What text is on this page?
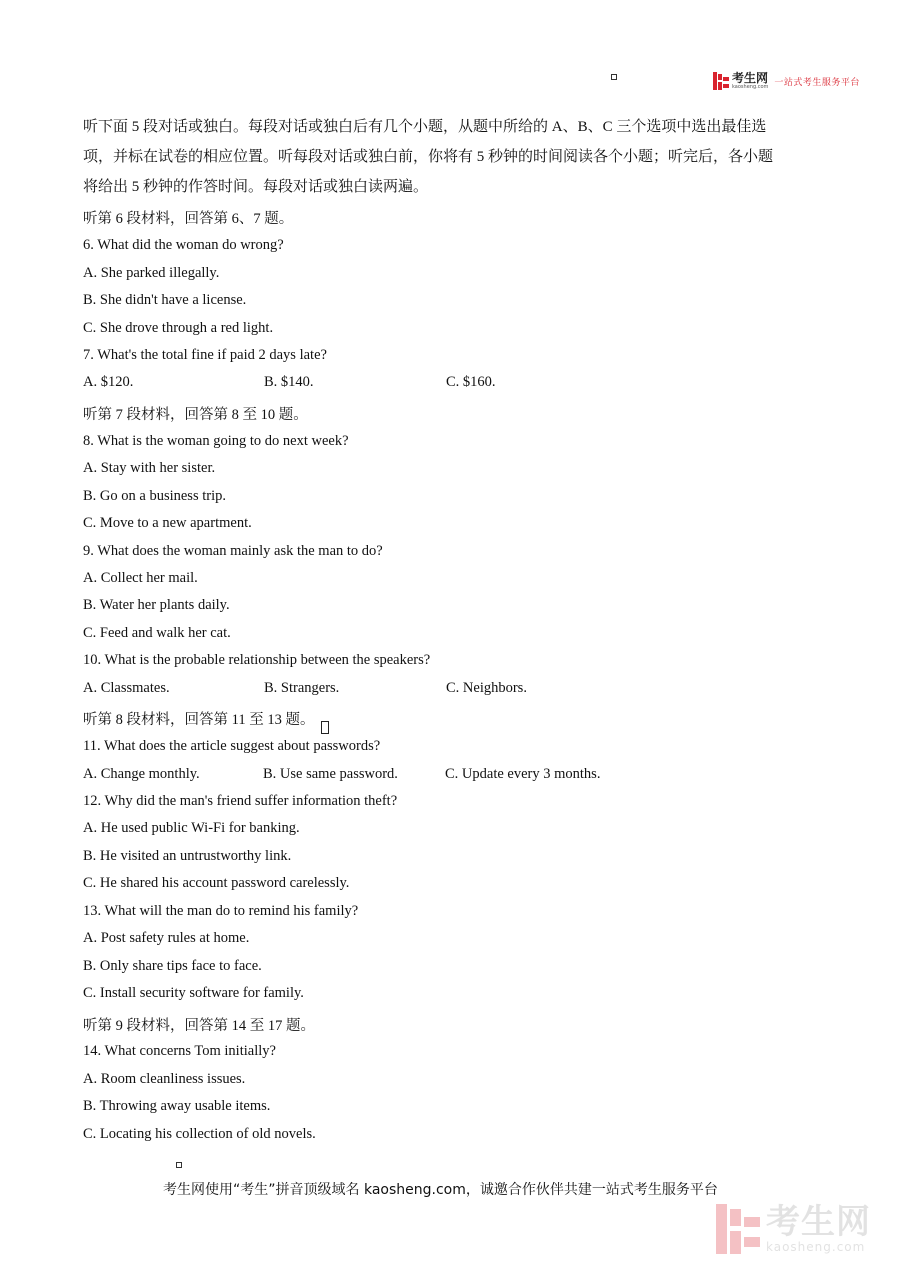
考生网
kaosheng.com 一站式考生服务平台
听下面 5 段对话或独白。每段对话或独白后有几个小题，从题中所给的 A、B、C 三个选项中选出最佳选
项，并标在试卷的相应位置。听每段对话或独白前，你将有 5 秒钟的时间阅读各个小题；听完后，各小题
将给出 5 秒钟的作答时间。每段对话或独白读两遍。
听第 6 段材料，回答第 6、7 题。
6. What did the woman do wrong?
A. She parked illegally.
B. She didn't have a license.
C. She drove through a red light.
7. What's the total fine if paid 2 days late?
A. $120.	B. $140.	C. $160.
听第 7 段材料，回答第 8 至 10 题。
8. What is the woman going to do next week?
A. Stay with her sister.
B. Go on a business trip.
C. Move to a new apartment.
9. What does the woman mainly ask the man to do?
A. Collect her mail.
B. Water her plants daily.
C. Feed and walk her cat.
10. What is the probable relationship between the speakers?
A. Classmates.	B. Strangers.	C. Neighbors.
听第 8 段材料，回答第 11 至 13 题。
11. What does the article suggest about passwords?
A. Change monthly.	B. Use same password.	C. Update every 3 months.
12. Why did the man's friend suffer information theft?
A. He used public Wi-Fi for banking.
B. He visited an untrustworthy link.
C. He shared his account password carelessly.
13. What will the man do to remind his family?
A. Post safety rules at home.
B. Only share tips face to face.
C. Install security software for family.
听第 9 段材料，回答第 14 至 17 题。
14. What concerns Tom initially?
A. Room cleanliness issues.
B. Throwing away usable items.
C. Locating his collection of old novels.
考生网使用“考生”拼音顶级域名 kaosheng.com，诚邀合作伙伴共建一站式考生服务平台
考生网
kaosheng.com
